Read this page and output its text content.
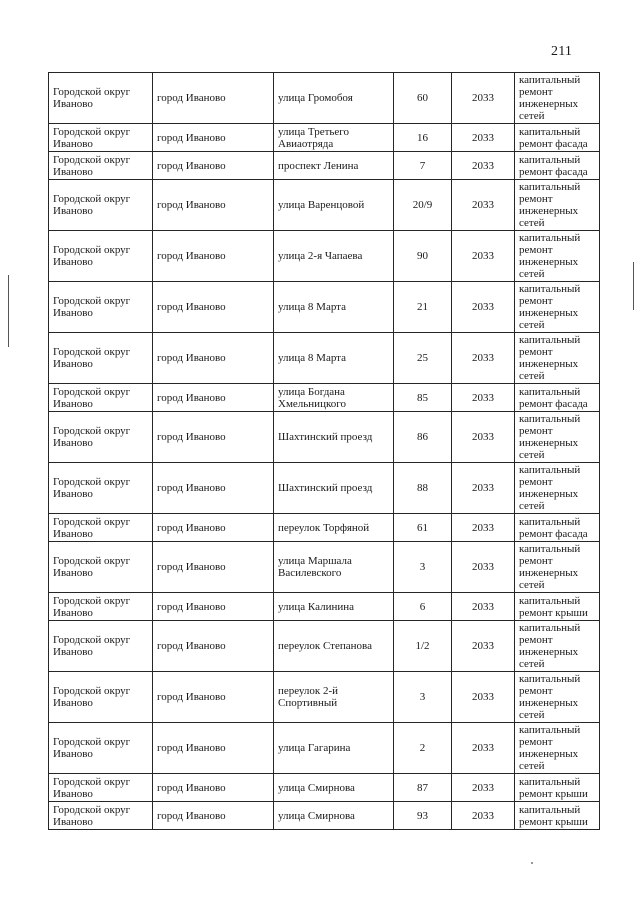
211
Городской округ Иваново	город Иваново	улица Громобоя	60	2033	капитальный ремонт инженерных сетей
Городской округ Иваново	город Иваново	улица Третьего Авиаотряда	16	2033	капитальный ремонт фасада
Городской округ Иваново	город Иваново	проспект Ленина	7	2033	капитальный ремонт фасада
Городской округ Иваново	город Иваново	улица Варенцовой	20/9	2033	капитальный ремонт инженерных сетей
Городской округ Иваново	город Иваново	улица 2-я Чапаева	90	2033	капитальный ремонт инженерных сетей
Городской округ Иваново	город Иваново	улица 8 Марта	21	2033	капитальный ремонт инженерных сетей
Городской округ Иваново	город Иваново	улица 8 Марта	25	2033	капитальный ремонт инженерных сетей
Городской округ Иваново	город Иваново	улица Богдана Хмельницкого	85	2033	капитальный ремонт фасада
Городской округ Иваново	город Иваново	Шахтинский проезд	86	2033	капитальный ремонт инженерных сетей
Городской округ Иваново	город Иваново	Шахтинский проезд	88	2033	капитальный ремонт инженерных сетей
Городской округ Иваново	город Иваново	переулок Торфяной	61	2033	капитальный ремонт фасада
Городской округ Иваново	город Иваново	улица Маршала Василевского	3	2033	капитальный ремонт инженерных сетей
Городской округ Иваново	город Иваново	улица Калинина	6	2033	капитальный ремонт крыши
Городской округ Иваново	город Иваново	переулок Степанова	1/2	2033	капитальный ремонт инженерных сетей
Городской округ Иваново	город Иваново	переулок 2-й Спортивный	3	2033	капитальный ремонт инженерных сетей
Городской округ Иваново	город Иваново	улица Гагарина	2	2033	капитальный ремонт инженерных сетей
Городской округ Иваново	город Иваново	улица Смирнова	87	2033	капитальный ремонт крыши
Городской округ Иваново	город Иваново	улица Смирнова	93	2033	капитальный ремонт крыши
